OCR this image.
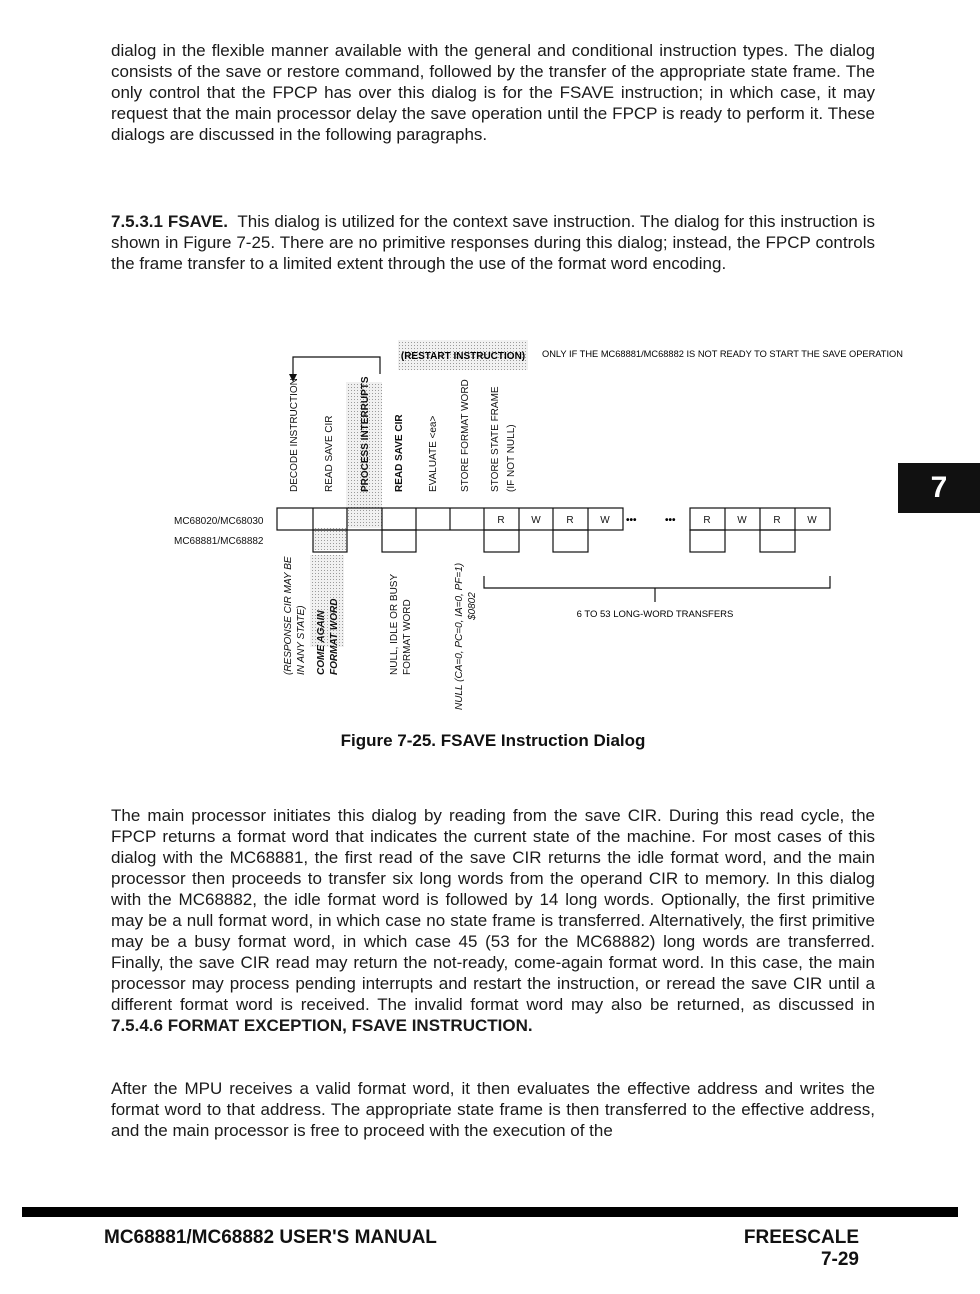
dialog in the flexible manner available with the general and conditional instruction types. The dialog consists of the save or restore command, followed by the transfer of the appropriate state frame. The only control that the FPCP has over this dialog is for the FSAVE instruction; in which case, it may request that the main processor delay the save operation until the FPCP is ready to perform it. These dialogs are discussed in the following paragraphs.

7.5.3.1 FSAVE. This dialog is utilized for the context save instruction. The dialog for this instruction is shown in Figure 7-25. There are no primitive responses during this dialog; instead, the FPCP controls the frame transfer to a limited extent through the use of the format word encoding.

(RESTART INSTRUCTION) ONLY IF THE MC68881/MC68882 IS NOT READY TO START THE SAVE OPERATION
DECODE INSTRUCTION READ SAVE CIR	PROCESS INTERRUPTS READ SAVE CIR EVALUATE <ea> STORE FORMAT WORD STORE STATE FRAME (IF NOT NULL)
MC68020/MC68030
MC68881/MC68882
R	W	R	W	R	W	R	W
•••	•••
6 TO 53 LONG-WORD TRANSFERS
(RESPONSE CIR MAY BE IN ANY STATE) COME AGAIN FORMAT WORD	NULL, IDLE OR BUSY FORMAT WORD	NULL (CA=0, PC=0, IA=0, PF=1) $0802
Figure 7-25. FSAVE Instruction Dialog

The main processor initiates this dialog by reading from the save CIR. During this read cycle, the FPCP returns a format word that indicates the current state of the machine. For most cases of this dialog with the MC68881, the first read of the save CIR returns the idle format word, and the main processor then proceeds to transfer six long words from the operand CIR to memory. In this dialog with the MC68882, the idle format word is followed by 14 long words. Optionally, the first primitive may be a null format word, in which case no state frame is transferred. Alternatively, the first primitive may be a busy format word, in which case 45 (53 for the MC68882) long words are transferred. Finally, the save CIR read may return the not-ready, come-again format word. In this case, the main processor may process pending interrupts and restart the instruction, or reread the save CIR until a different format word is received. The invalid format word may also be returned, as discussed in 7.5.4.6 FORMAT EXCEPTION, FSAVE INSTRUCTION.

After the MPU receives a valid format word, it then evaluates the effective address and writes the format word to that address. The appropriate state frame is then transferred to the effective address, and the main processor is free to proceed with the execution of the

7
MC68881/MC68882 USER'S MANUAL	FREESCALE
7-29
